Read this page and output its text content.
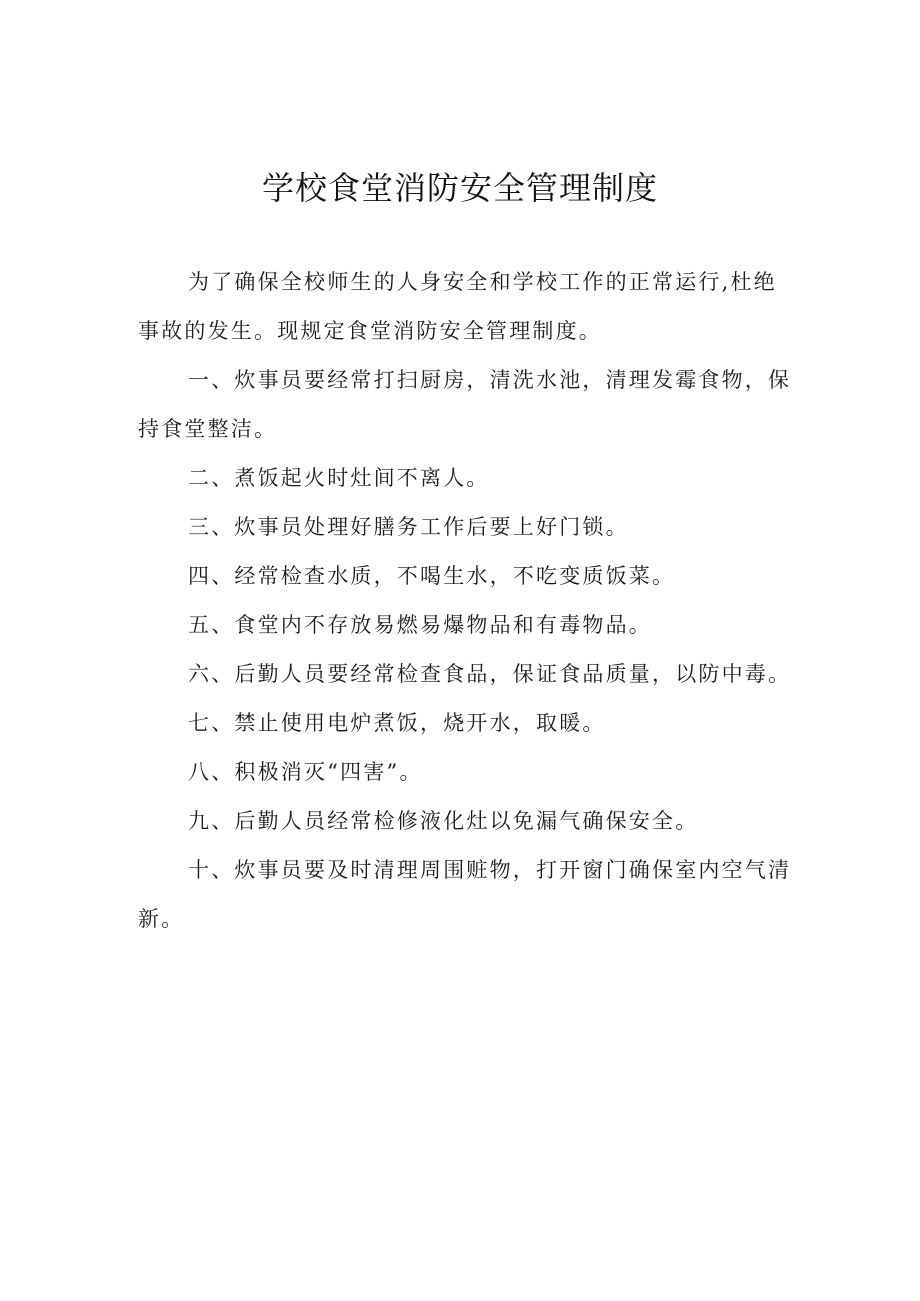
学校食堂消防安全管理制度

为了确保全校师生的人身安全和学校工作的正常运行,杜绝事故的发生。现规定食堂消防安全管理制度。

一、炊事员要经常打扫厨房，清洗水池，清理发霉食物，保持食堂整洁。

二、煮饭起火时灶间不离人。

三、炊事员处理好膳务工作后要上好门锁。

四、经常检查水质，不喝生水，不吃变质饭菜。

五、食堂内不存放易燃易爆物品和有毒物品。

六、后勤人员要经常检查食品，保证食品质量，以防中毒。

七、禁止使用电炉煮饭，烧开水，取暖。

八、积极消灭“四害”。

九、后勤人员经常检修液化灶以免漏气确保安全。

十、炊事员要及时清理周围赃物，打开窗门确保室内空气清新。
